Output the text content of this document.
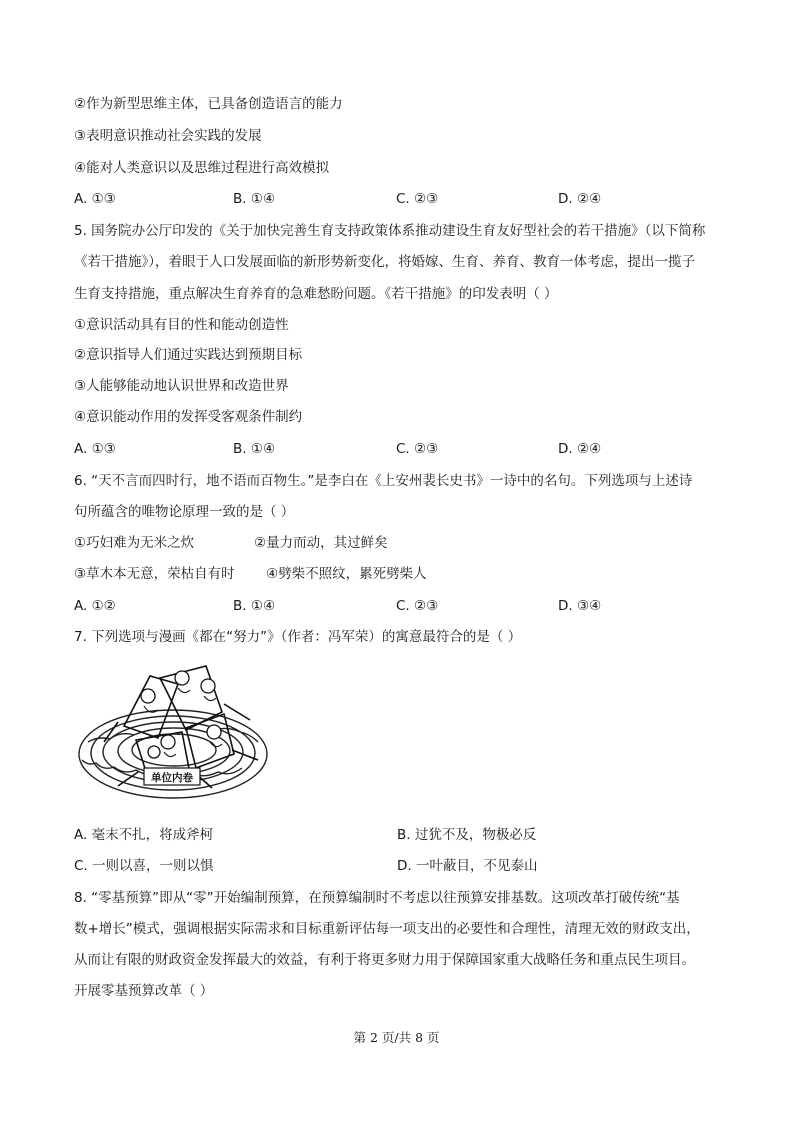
②作为新型思维主体，已具备创造语言的能力
③表明意识推动社会实践的发展
④能对人类意识以及思维过程进行高效模拟
A. ①③	B. ①④	C. ②③	D. ②④
5. 国务院办公厅印发的《关于加快完善生育支持政策体系推动建设生育友好型社会的若干措施》（以下简称
《若干措施》），着眼于人口发展面临的新形势新变化，将婚嫁、生育、养育、教育一体考虑，提出一揽子
生育支持措施，重点解决生育养育的急难愁盼问题。《若干措施》的印发表明（ ）
①意识活动具有目的性和能动创造性
②意识指导人们通过实践达到预期目标
③人能够能动地认识世界和改造世界
④意识能动作用的发挥受客观条件制约
A. ①③	B. ①④	C. ②③	D. ②④
6. “天不言而四时行，地不语而百物生。”是李白在《上安州裴长史书》一诗中的名句。下列选项与上述诗
句所蕴含的唯物论原理一致的是（ ）
①巧妇难为无米之炊	②量力而动，其过鲜矣
③草木本无意，荣枯自有时 ④劈柴不照纹，累死劈柴人
A. ①②	B. ①④	C. ②③	D. ③④
7. 下列选项与漫画《都在“努力”》（作者：冯军荣）的寓意最符合的是（ ）
单位内卷
A. 毫末不扎，将成斧柯	B. 过犹不及，物极必反
C. 一则以喜，一则以惧	D. 一叶蔽目，不见泰山
8. “零基预算”即从“零”开始编制预算，在预算编制时不考虑以往预算安排基数。这项改革打破传统“基
数+增长”模式，强调根据实际需求和目标重新评估每一项支出的必要性和合理性，清理无效的财政支出，
从而让有限的财政资金发挥最大的效益，有利于将更多财力用于保障国家重大战略任务和重点民生项目。
开展零基预算改革（ ）
第 2 页/共 8 页
